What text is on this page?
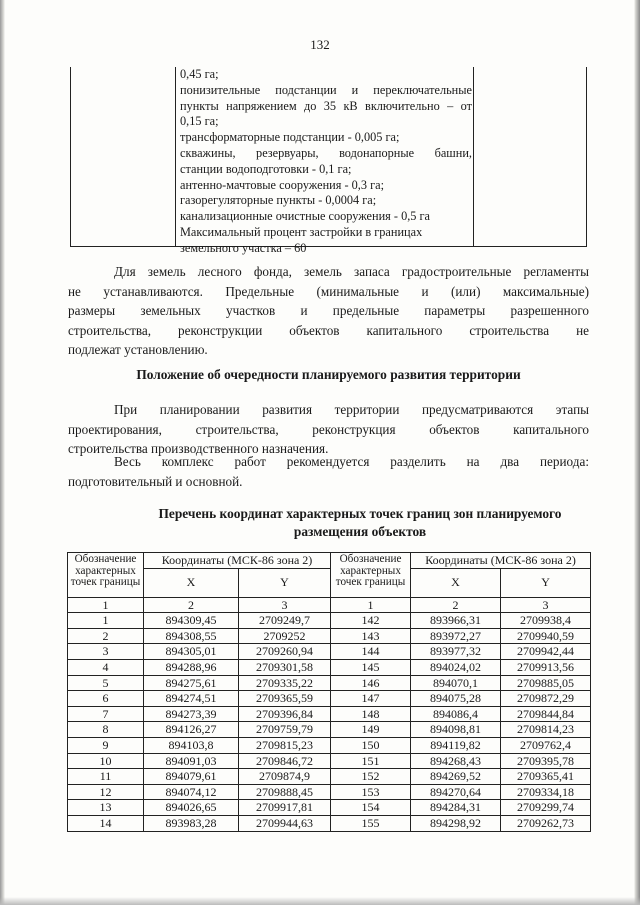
132
0,45 га;
понизительные подстанции и переключательные
пункты напряжением до 35 кВ включительно – от
0,15 га;
трансформаторные подстанции - 0,005 га;
скважины, резервуары, водонапорные башни,
станции водоподготовки - 0,1 га;
антенно-мачтовые сооружения - 0,3 га;
газорегуляторные пункты - 0,0004 га;
канализационные очистные сооружения - 0,5 га
Максимальный процент застройки в границах
земельного участка – 60
Для земель лесного фонда, земель запаса градостроительные регламенты
не устанавливаются. Предельные (минимальные и (или) максимальные)
размеры земельных участков и предельные параметры разрешенного
строительства, реконструкции объектов капитального строительства не
подлежат установлению.
Положение об очередности планируемого развития территории
При планировании развития территории предусматриваются этапы
проектирования, строительства, реконструкция объектов капитального
строительства производственного назначения.
Весь комплекс работ рекомендуется разделить на два периода:
подготовительный и основной.
Перечень координат характерных точек границ зон планируемого
размещения объектов
Обозначение характерных точек границы	Координаты (МСК-86 зона 2)		Обозначение характерных точек границы	Координаты (МСК-86 зона 2)	
	X	Y		X	Y
1	2	3	1	2	3
1	894309,45	2709249,7	142	893966,31	2709938,4
2	894308,55	2709252	143	893972,27	2709940,59
3	894305,01	2709260,94	144	893977,32	2709942,44
4	894288,96	2709301,58	145	894024,02	2709913,56
5	894275,61	2709335,22	146	894070,1	2709885,05
6	894274,51	2709365,59	147	894075,28	2709872,29
7	894273,39	2709396,84	148	894086,4	2709844,84
8	894126,27	2709759,79	149	894098,81	2709814,23
9	894103,8	2709815,23	150	894119,82	2709762,4
10	894091,03	2709846,72	151	894268,43	2709395,78
11	894079,61	2709874,9	152	894269,52	2709365,41
12	894074,12	2709888,45	153	894270,64	2709334,18
13	894026,65	2709917,81	154	894284,31	2709299,74
14	893983,28	2709944,63	155	894298,92	2709262,73
